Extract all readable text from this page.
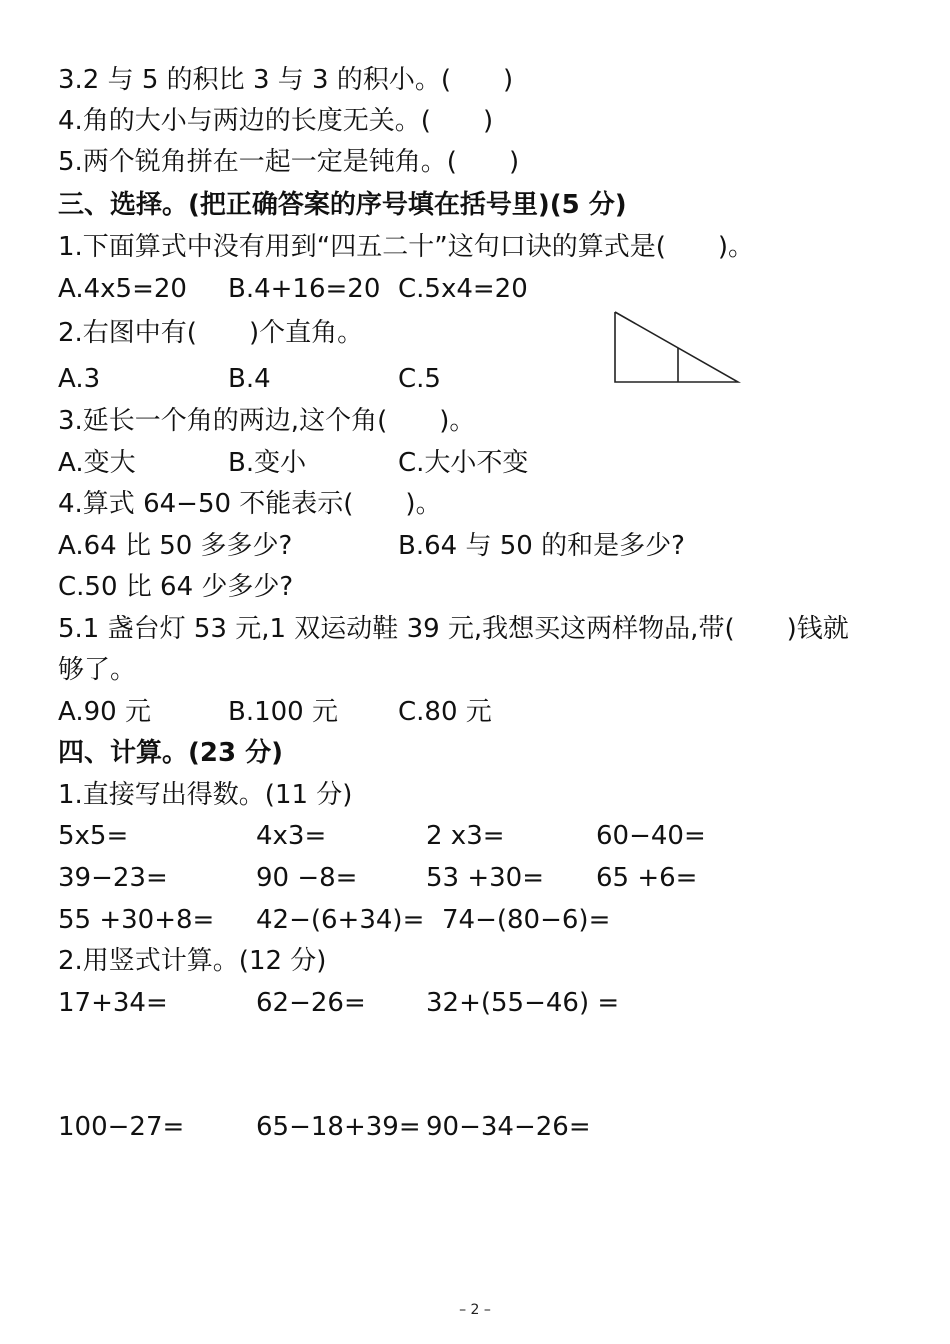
3.2 与 5 的积比 3 与 3 的积小。(　　)
4.角的大小与两边的长度无关。(　　)
5.两个锐角拼在一起一定是钝角。(　　)
三、选择。(把正确答案的序号填在括号里)(5 分)
1.下面算式中没有用到“四五二十”这句口诀的算式是(　　)。
A.4x5=20 B.4+16=20 C.5x4=20
2.右图中有(　　)个直角。
A.3	B.4	C.5
3.延长一个角的两边,这个角(　　)。
A.变大	B.变小	C.大小不变
4.算式 64−50 不能表示(　　)。
A.64 比 50 多多少?	B.64 与 50 的和是多少?
C.50 比 64 少多少?
5.1 盏台灯 53 元,1 双运动鞋 39 元,我想买这两样物品,带(　　)钱就
够了。
A.90 元	B.100 元 C.80 元
四、计算。(23 分)
1.直接写出得数。(11 分)
5x5=	4x3=	2 x3=	60−40=
39−23=	90 −8=	53 +30= 65 +6=
55 +30+8= 42−(6+34)= 74−(80−6)=
2.用竖式计算。(12 分)
17+34=	62−26= 32+(55−46) =
100−27=	65−18+39= 90−34−26=
– 2 –
